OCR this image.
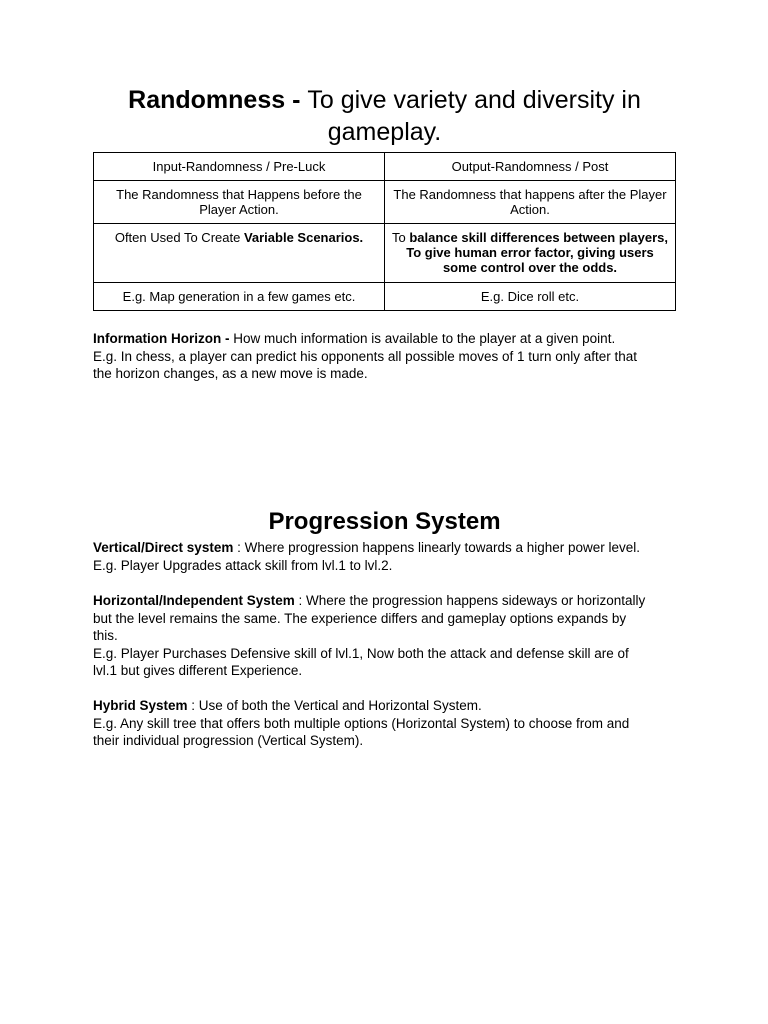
Randomness - To give variety and diversity in gameplay.
Input-Randomness / Pre-Luck	Output-Randomness / Post
The Randomness that Happens before the Player Action.	The Randomness that happens after the Player Action.
Often Used To Create Variable Scenarios.	To balance skill differences between players, To give human error factor, giving users some control over the odds.
E.g. Map generation in a few games etc.	E.g. Dice roll etc.
Information Horizon - How much information is available to the player at a given point.
E.g. In chess, a player can predict his opponents all possible moves of 1 turn only after that
the horizon changes, as a new move is made.
Progression System
Vertical/Direct system : Where progression happens linearly towards a higher power level.
E.g. Player Upgrades attack skill from lvl.1 to lvl.2.
Horizontal/Independent System : Where the progression happens sideways or horizontally
but the level remains the same. The experience differs and gameplay options expands by
this.
E.g. Player Purchases Defensive skill of lvl.1, Now both the attack and defense skill are of
lvl.1 but gives different Experience.
Hybrid System : Use of both the Vertical and Horizontal System.
E.g. Any skill tree that offers both multiple options (Horizontal System) to choose from and
their individual progression (Vertical System).
